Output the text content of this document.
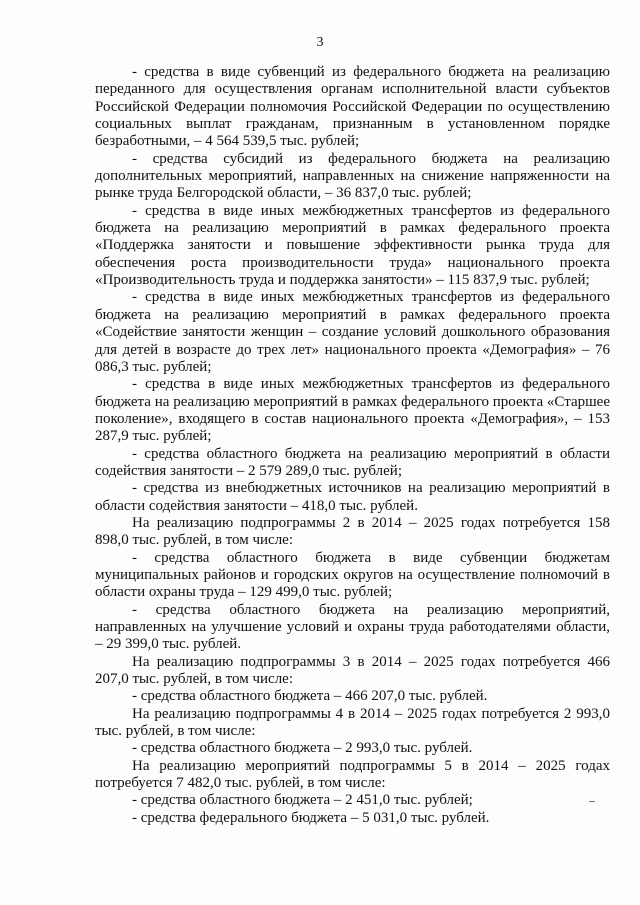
3

- средства в виде субвенций из федерального бюджета на реализацию переданного для осуществления органам исполнительной власти субъектов Российской Федерации полномочия Российской Федерации по осуществлению социальных выплат гражданам, признанным в установленном порядке безработными, – 4 564 539,5 тыс. рублей;

- средства субсидий из федерального бюджета на реализацию дополнительных мероприятий, направленных на снижение напряженности на рынке труда Белгородской области, – 36 837,0 тыс. рублей;

- средства в виде иных межбюджетных трансфертов из федерального бюджета на реализацию мероприятий в рамках федерального проекта «Поддержка занятости и повышение эффективности рынка труда для обеспечения роста производительности труда» национального проекта «Производительность труда и поддержка занятости» – 115 837,9 тыс. рублей;

- средства в виде иных межбюджетных трансфертов из федерального бюджета на реализацию мероприятий в рамках федерального проекта «Содействие занятости женщин – создание условий дошкольного образования для детей в возрасте до трех лет» национального проекта «Демография» – 76 086,3 тыс. рублей;

- средства в виде иных межбюджетных трансфертов из федерального бюджета на реализацию мероприятий в рамках федерального проекта «Старшее поколение», входящего в состав национального проекта «Демография», – 153 287,9 тыс. рублей;

- средства областного бюджета на реализацию мероприятий в области содействия занятости – 2 579 289,0 тыс. рублей;

- средства из внебюджетных источников на реализацию мероприятий в области содействия занятости – 418,0 тыс. рублей.

На реализацию подпрограммы 2 в 2014 – 2025 годах потребуется 158 898,0 тыс. рублей, в том числе:

- средства областного бюджета в виде субвенции бюджетам муниципальных районов и городских округов на осуществление полномочий в области охраны труда – 129 499,0 тыс. рублей;

- средства областного бюджета на реализацию мероприятий, направленных на улучшение условий и охраны труда работодателями области, – 29 399,0 тыс. рублей.

На реализацию подпрограммы 3 в 2014 – 2025 годах потребуется 466 207,0 тыс. рублей, в том числе:

- средства областного бюджета – 466 207,0 тыс. рублей.

На реализацию подпрограммы 4 в 2014 – 2025 годах потребуется 2 993,0 тыс. рублей, в том числе:

- средства областного бюджета – 2 993,0 тыс. рублей.

На реализацию мероприятий подпрограммы 5 в 2014 – 2025 годах потребуется 7 482,0 тыс. рублей, в том числе:

- средства областного бюджета – 2 451,0 тыс. рублей;

- средства федерального бюджета – 5 031,0 тыс. рублей.
